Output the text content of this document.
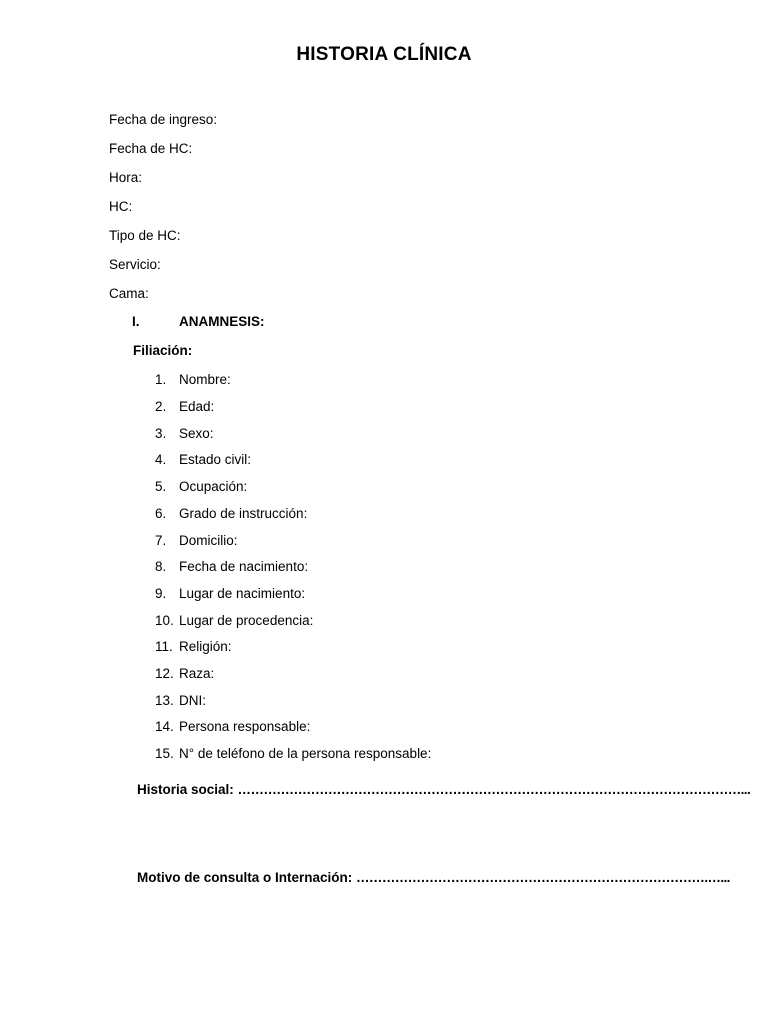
HISTORIA CLÍNICA
Fecha de ingreso:
Fecha de HC:
Hora:
HC:
Tipo de HC:
Servicio:
Cama:
I.	ANAMNESIS:
Filiación:
1. Nombre:
2. Edad:
3. Sexo:
4. Estado civil:
5. Ocupación:
6. Grado de instrucción:
7. Domicilio:
8. Fecha de nacimiento:
9. Lugar de nacimiento:
10. Lugar de procedencia:
11. Religión:
12. Raza:
13. DNI:
14. Persona responsable:
15. N° de teléfono de la persona responsable:
Historia social: ………………………………………………………………………………………………………...
Motivo de consulta o Internación: ……………………………………………………………………….…...
